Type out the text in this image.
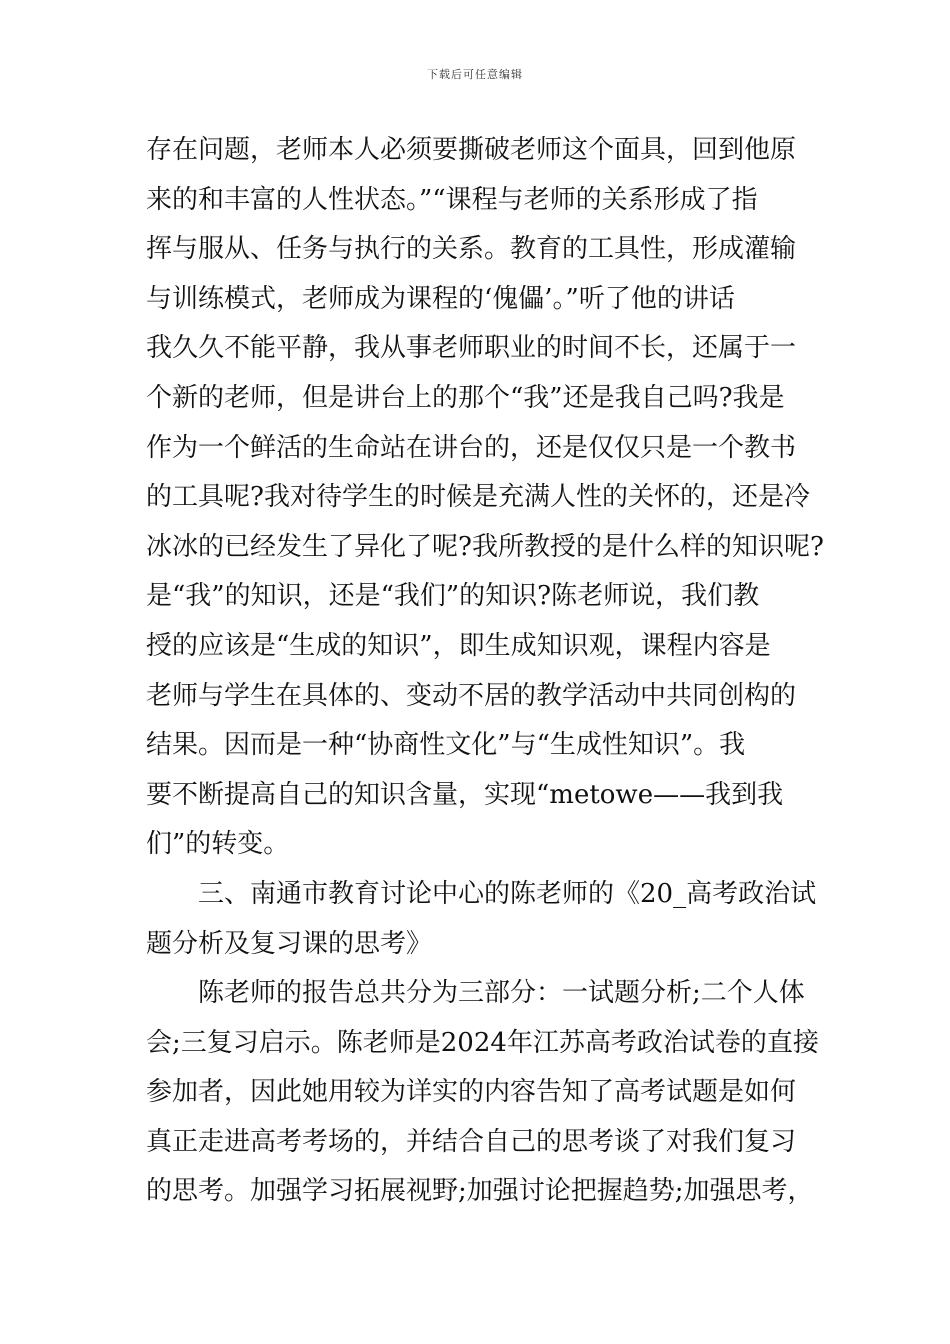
下载后可任意编辑
存在问题，老师本人必须要撕破老师这个面具，回到他原
来的和丰富的人性状态。”“课程与老师的关系形成了指
挥与服从、任务与执行的关系。教育的工具性，形成灌输
与训练模式，老师成为课程的‘傀儡’。”听了他的讲话
我久久不能平静，我从事老师职业的时间不长，还属于一
个新的老师，但是讲台上的那个“我”还是我自己吗?我是
作为一个鲜活的生命站在讲台的，还是仅仅只是一个教书
的工具呢?我对待学生的时候是充满人性的关怀的，还是冷
冰冰的已经发生了异化了呢?我所教授的是什么样的知识呢?
是“我”的知识，还是“我们”的知识?陈老师说，我们教
授的应该是“生成的知识”，即生成知识观，课程内容是
老师与学生在具体的、变动不居的教学活动中共同创构的
结果。因而是一种“协商性文化”与“生成性知识”。我
要不断提高自己的知识含量，实现“metowe——我到我
们”的转变。
三、南通市教育讨论中心的陈老师的《20_高考政治试
题分析及复习课的思考》
陈老师的报告总共分为三部分：一试题分析;二个人体
会;三复习启示。陈老师是2024年江苏高考政治试卷的直接
参加者，因此她用较为详实的内容告知了高考试题是如何
真正走进高考考场的，并结合自己的思考谈了对我们复习
的思考。加强学习拓展视野;加强讨论把握趋势;加强思考，
